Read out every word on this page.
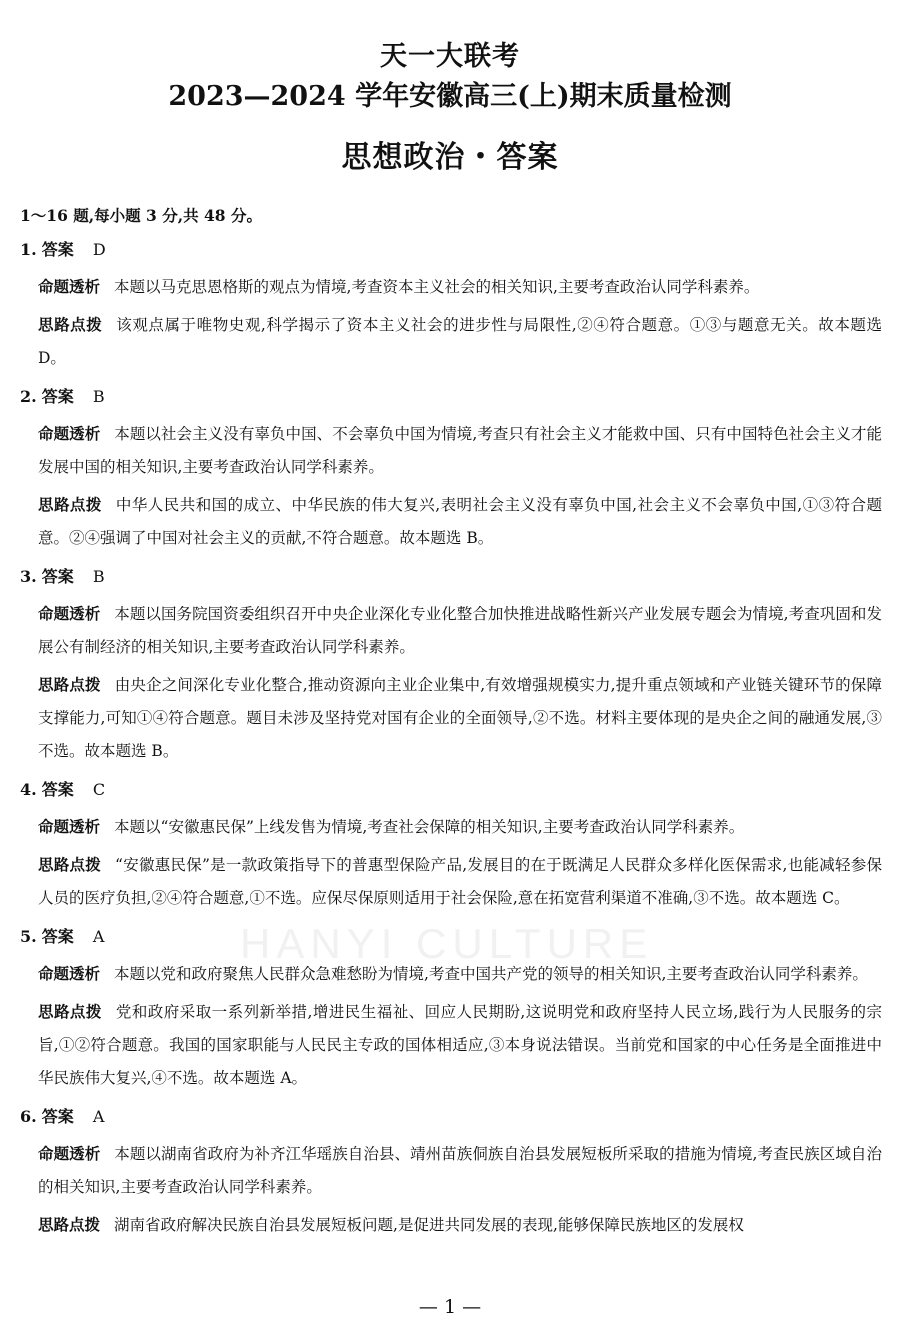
天一大联考
2023—2024 学年安徽高三(上)期末质量检测
思想政治・答案
HANYI CULTURE
1～16 题,每小题 3 分,共 48 分。
1. 答案 D
命题透析 本题以马克思恩格斯的观点为情境,考查资本主义社会的相关知识,主要考查政治认同学科素养。
思路点拨 该观点属于唯物史观,科学揭示了资本主义社会的进步性与局限性,②④符合题意。①③与题意无关。故本题选 D。
2. 答案 B
命题透析 本题以社会主义没有辜负中国、不会辜负中国为情境,考查只有社会主义才能救中国、只有中国特色社会主义才能发展中国的相关知识,主要考查政治认同学科素养。
思路点拨 中华人民共和国的成立、中华民族的伟大复兴,表明社会主义没有辜负中国,社会主义不会辜负中国,①③符合题意。②④强调了中国对社会主义的贡献,不符合题意。故本题选 B。
3. 答案 B
命题透析 本题以国务院国资委组织召开中央企业深化专业化整合加快推进战略性新兴产业发展专题会为情境,考查巩固和发展公有制经济的相关知识,主要考查政治认同学科素养。
思路点拨 由央企之间深化专业化整合,推动资源向主业企业集中,有效增强规模实力,提升重点领域和产业链关键环节的保障支撑能力,可知①④符合题意。题目未涉及坚持党对国有企业的全面领导,②不选。材料主要体现的是央企之间的融通发展,③不选。故本题选 B。
4. 答案 C
命题透析 本题以“安徽惠民保”上线发售为情境,考查社会保障的相关知识,主要考查政治认同学科素养。
思路点拨 “安徽惠民保”是一款政策指导下的普惠型保险产品,发展目的在于既满足人民群众多样化医保需求,也能减轻参保人员的医疗负担,②④符合题意,①不选。应保尽保原则适用于社会保险,意在拓宽营利渠道不准确,③不选。故本题选 C。
5. 答案 A
命题透析 本题以党和政府聚焦人民群众急难愁盼为情境,考查中国共产党的领导的相关知识,主要考查政治认同学科素养。
思路点拨 党和政府采取一系列新举措,增进民生福祉、回应人民期盼,这说明党和政府坚持人民立场,践行为人民服务的宗旨,①②符合题意。我国的国家职能与人民民主专政的国体相适应,③本身说法错误。当前党和国家的中心任务是全面推进中华民族伟大复兴,④不选。故本题选 A。
6. 答案 A
命题透析 本题以湖南省政府为补齐江华瑶族自治县、靖州苗族侗族自治县发展短板所采取的措施为情境,考查民族区域自治的相关知识,主要考查政治认同学科素养。
思路点拨 湖南省政府解决民族自治县发展短板问题,是促进共同发展的表现,能够保障民族地区的发展权
— 1 —
